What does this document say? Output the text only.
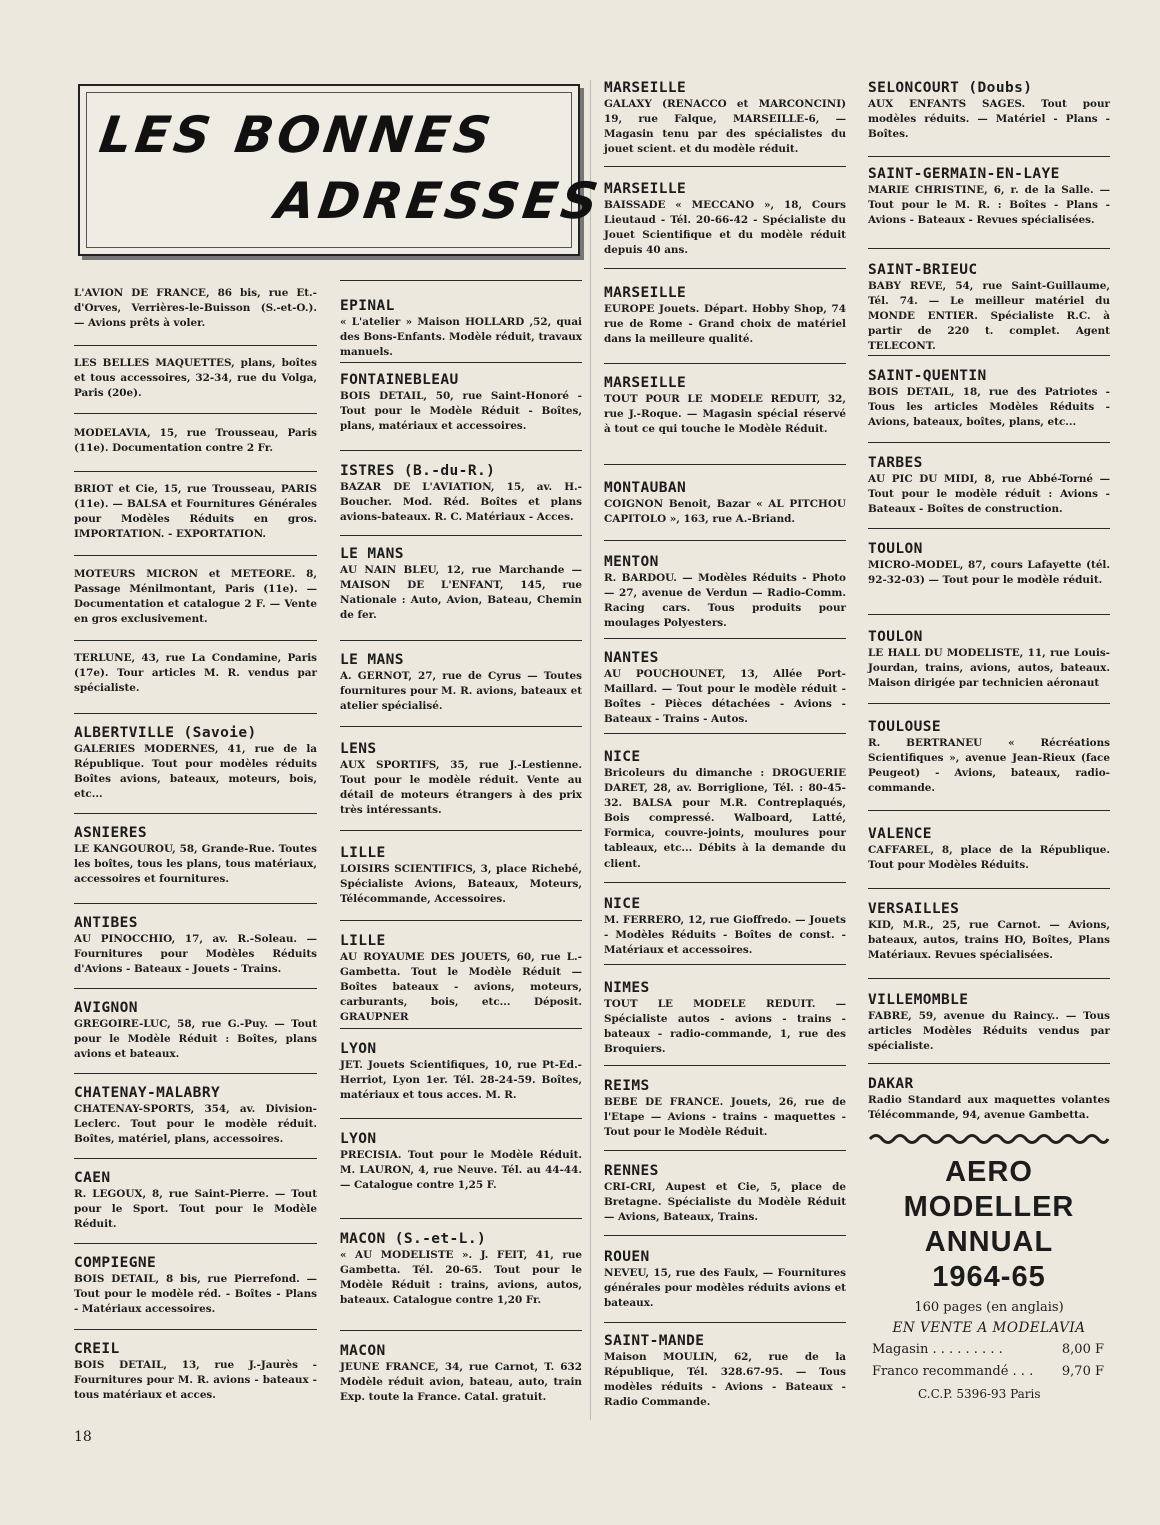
LES BONNES
ADRESSES

L'AVION DE FRANCE, 86 bis, rue Et.-d'Orves, Verrières-le-Buisson (S.-et-O.). — Avions prêts à voler.

LES BELLES MAQUETTES, plans, boîtes et tous accessoires, 32-34, rue du Volga, Paris (20e).

MODELAVIA, 15, rue Trousseau, Paris (11e). Documentation contre 2 Fr.

BRIOT et Cie, 15, rue Trousseau, PARIS (11e). — BALSA et Fournitures Générales pour Modèles Réduits en gros. IMPORTATION. - EXPORTATION.

MOTEURS MICRON et METEORE. 8, Passage Ménilmontant, Paris (11e). — Documentation et catalogue 2 F. — Vente en gros exclusivement.

TERLUNE, 43, rue La Condamine, Paris (17e). Tour articles M. R. vendus par spécialiste.

ALBERTVILLE (Savoie)

GALERIES MODERNES, 41, rue de la République. Tout pour modèles réduits Boîtes avions, bateaux, moteurs, bois, etc...

ASNIERES

LE KANGOUROU, 58, Grande-Rue. Toutes les boîtes, tous les plans, tous matériaux, accessoires et fournitures.

ANTIBES

AU PINOCCHIO, 17, av. R.-Soleau. — Fournitures pour Modèles Réduits d'Avions - Bateaux - Jouets - Trains.

AVIGNON

GREGOIRE-LUC, 58, rue G.-Puy. — Tout pour le Modèle Réduit : Boîtes, plans avions et bateaux.

CHATENAY-MALABRY

CHATENAY-SPORTS, 354, av. Division-Leclerc. Tout pour le modèle réduit. Boîtes, matériel, plans, accessoires.

CAEN

R. LEGOUX, 8, rue Saint-Pierre. — Tout pour le Sport. Tout pour le Modèle Réduit.

COMPIEGNE

BOIS DETAIL, 8 bis, rue Pierrefond. — Tout pour le modèle réd. - Boîtes - Plans - Matériaux accessoires.

CREIL

BOIS DETAIL, 13, rue J.-Jaurès - Fournitures pour M. R. avions - bateaux - tous matériaux et acces.

EPINAL

« L'atelier » Maison HOLLARD ,52, quai des Bons-Enfants. Modèle réduit, travaux manuels.

FONTAINEBLEAU

BOIS DETAIL, 50, rue Saint-Honoré - Tout pour le Modèle Réduit - Boîtes, plans, matériaux et accessoires.

ISTRES (B.-du-R.)

BAZAR DE L'AVIATION, 15, av. H.-Boucher. Mod. Réd. Boîtes et plans avions-bateaux. R. C. Matériaux - Acces.

LE MANS

AU NAIN BLEU, 12, rue Marchande — MAISON DE L'ENFANT, 145, rue Nationale : Auto, Avion, Bateau, Chemin de fer.

LE MANS

A. GERNOT, 27, rue de Cyrus — Toutes fournitures pour M. R. avions, bateaux et atelier spécialisé.

LENS

AUX SPORTIFS, 35, rue J.-Lestienne. Tout pour le modèle réduit. Vente au détail de moteurs étrangers à des prix très intéressants.

LILLE

LOISIRS SCIENTIFICS, 3, place Richebé, Spécialiste Avions, Bateaux, Moteurs, Télécommande, Accessoires.

LILLE

AU ROYAUME DES JOUETS, 60, rue L.-Gambetta. Tout le Modèle Réduit — Boîtes bateaux - avions, moteurs, carburants, bois, etc... Déposit. GRAUPNER

LYON

JET. Jouets Scientifiques, 10, rue Pt-Ed.-Herriot, Lyon 1er. Tél. 28-24-59. Boîtes, matériaux et tous acces. M. R.

LYON

PRECISIA. Tout pour le Modèle Réduit. M. LAURON, 4, rue Neuve. Tél. au 44-44. — Catalogue contre 1,25 F.

MACON (S.-et-L.)

« AU MODELISTE ». J. FEIT, 41, rue Gambetta. Tél. 20-65. Tout pour le Modèle Réduit : trains, avions, autos, bateaux. Catalogue contre 1,20 Fr.

MACON

JEUNE FRANCE, 34, rue Carnot, T. 632 Modèle réduit avion, bateau, auto, train Exp. toute la France. Catal. gratuit.

MARSEILLE

GALAXY (RENACCO et MARCONCINI) 19, rue Falque, MARSEILLE-6, — Magasin tenu par des spécialistes du jouet scient. et du modèle réduit.

MARSEILLE

BAISSADE « MECCANO », 18, Cours Lieutaud - Tél. 20-66-42 - Spécialiste du Jouet Scientifique et du modèle réduit depuis 40 ans.

MARSEILLE

EUROPE Jouets. Départ. Hobby Shop, 74 rue de Rome - Grand choix de matériel dans la meilleure qualité.

MARSEILLE

TOUT POUR LE MODELE REDUIT, 32, rue J.-Roque. — Magasin spécial réservé à tout ce qui touche le Modèle Réduit.

MONTAUBAN

COIGNON Benoit, Bazar « AL PITCHOU CAPITOLO », 163, rue A.-Briand.

MENTON

R. BARDOU. — Modèles Réduits - Photo — 27, avenue de Verdun — Radio-Comm. Racing cars. Tous produits pour moulages Polyesters.

NANTES

AU POUCHOUNET, 13, Allée Port-Maillard. — Tout pour le modèle réduit - Boîtes - Pièces détachées - Avions - Bateaux - Trains - Autos.

NICE

Bricoleurs du dimanche : DROGUERIE DARET, 28, av. Borriglione, Tél. : 80-45-32. BALSA pour M.R. Contreplaqués, Bois compressé. Walboard, Latté, Formica, couvre-joints, moulures pour tableaux, etc... Débits à la demande du client.

NICE

M. FERRERO, 12, rue Gioffredo. — Jouets - Modèles Réduits - Boîtes de const. - Matériaux et accessoires.

NIMES

TOUT LE MODELE REDUIT. — Spécialiste autos - avions - trains - bateaux - radio-commande, 1, rue des Broquiers.

REIMS

BEBE DE FRANCE. Jouets, 26, rue de l'Etape — Avions - trains - maquettes - Tout pour le Modèle Réduit.

RENNES

CRI-CRI, Aupest et Cie, 5, place de Bretagne. Spécialiste du Modèle Réduit — Avions, Bateaux, Trains.

ROUEN

NEVEU, 15, rue des Faulx, — Fournitures générales pour modèles réduits avions et bateaux.

SAINT-MANDE

Maison MOULIN, 62, rue de la République, Tél. 328.67-95. — Tous modèles réduits - Avions - Bateaux - Radio Commande.

SELONCOURT (Doubs)

AUX ENFANTS SAGES. Tout pour modèles réduits. — Matériel - Plans - Boîtes.

SAINT-GERMAIN-EN-LAYE

MARIE CHRISTINE, 6, r. de la Salle. — Tout pour le M. R. : Boîtes - Plans - Avions - Bateaux - Revues spécialisées.

SAINT-BRIEUC

BABY REVE, 54, rue Saint-Guillaume, Tél. 74. — Le meilleur matériel du MONDE ENTIER. Spécialiste R.C. à partir de 220 t. complet. Agent TELECONT.

SAINT-QUENTIN

BOIS DETAIL, 18, rue des Patriotes - Tous les articles Modèles Réduits - Avions, bateaux, boîtes, plans, etc...

TARBES

AU PIC DU MIDI, 8, rue Abbé-Torné — Tout pour le modèle réduit : Avions - Bateaux - Boîtes de construction.

TOULON

MICRO-MODEL, 87, cours Lafayette (tél. 92-32-03) — Tout pour le modèle réduit.

TOULON

LE HALL DU MODELISTE, 11, rue Louis-Jourdan, trains, avions, autos, bateaux. Maison dirigée par technicien aéronaut

TOULOUSE

R. BERTRANEU « Récréations Scientifiques », avenue Jean-Rieux (face Peugeot) - Avions, bateaux, radio-commande.

VALENCE

CAFFAREL, 8, place de la République. Tout pour Modèles Réduits.

VERSAILLES

KID, M.R., 25, rue Carnot. — Avions, bateaux, autos, trains HO, Boîtes, Plans Matériaux. Revues spécialisées.

VILLEMOMBLE

FABRE, 59, avenue du Raincy.. — Tous articles Modèles Réduits vendus par spécialiste.

DAKAR

Radio Standard aux maquettes volantes Télécommande, 94, avenue Gambetta.

AERO
MODELLER
ANNUAL
1964-65
160 pages (en anglais)
EN VENTE A MODELAVIA
Magasin . . . . . . . . .	8,00 F
Franco recommandé . . . 9,70 F
C.C.P. 5396-93 Paris
18
